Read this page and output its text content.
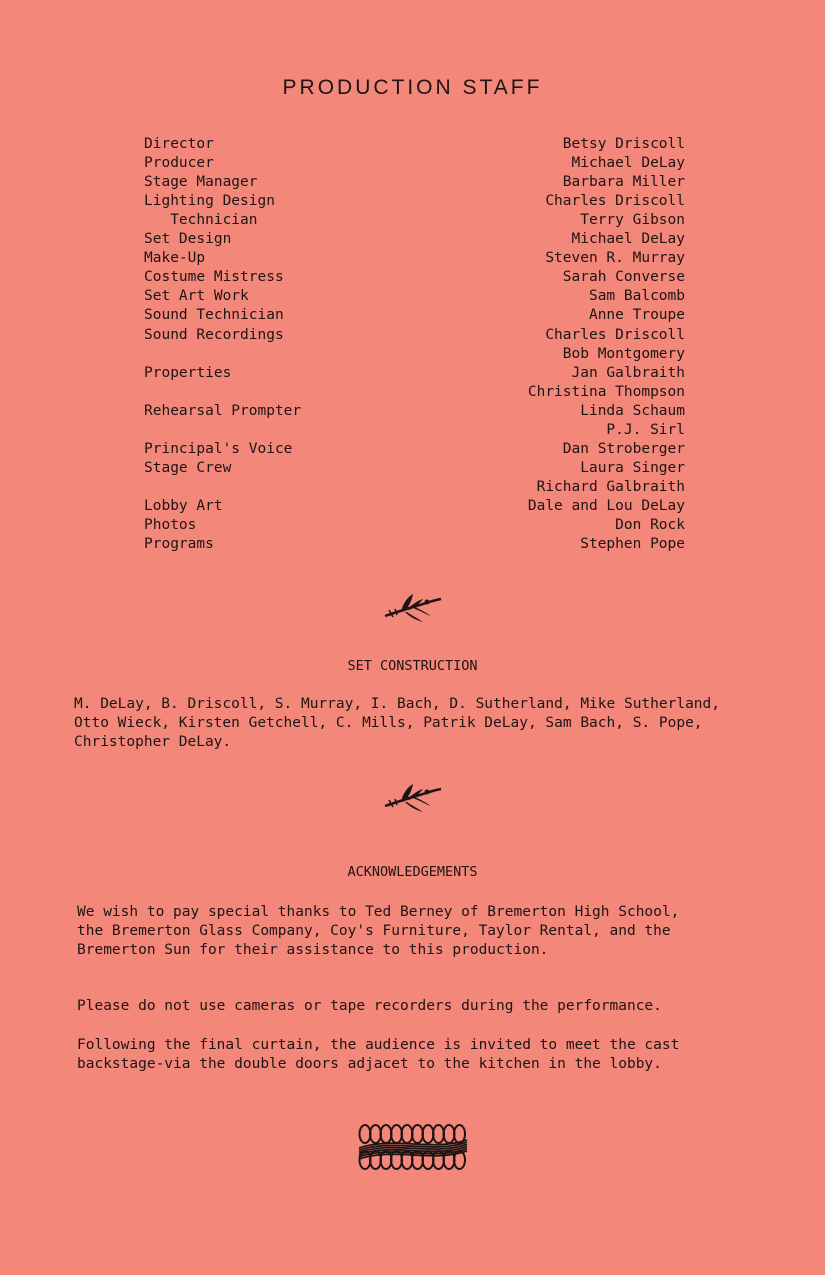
PRODUCTION STAFF
Director	Betsy Driscoll
Producer	Michael DeLay
Stage Manager	Barbara Miller
Lighting Design	Charles Driscoll
Technician	Terry Gibson
Set Design	Michael DeLay
Make-Up	Steven R. Murray
Costume Mistress	Sarah Converse
Set Art Work	Sam Balcomb
Sound Technician	Anne Troupe
Sound Recordings	Charles Driscoll
Bob Montgomery
Properties	Jan Galbraith
Christina Thompson
Rehearsal Prompter	Linda Schaum
P.J. Sirl
Principal's Voice	Dan Stroberger
Stage Crew	Laura Singer
Richard Galbraith
Lobby Art	Dale and Lou DeLay
Photos	Don Rock
Programs	Stephen Pope
SET CONSTRUCTION
M. DeLay, B. Driscoll, S. Murray, I. Bach, D. Sutherland, Mike Sutherland,
Otto Wieck, Kirsten Getchell, C. Mills, Patrik DeLay, Sam Bach, S. Pope,
Christopher DeLay.
ACKNOWLEDGEMENTS
We wish to pay special thanks to Ted Berney of Bremerton High School,
the Bremerton Glass Company, Coy's Furniture, Taylor Rental, and the
Bremerton Sun for their assistance to this production.
Please do not use cameras or tape recorders during the performance.
Following the final curtain, the audience is invited to meet the cast
backstage-via the double doors adjacet to the kitchen in the lobby.
